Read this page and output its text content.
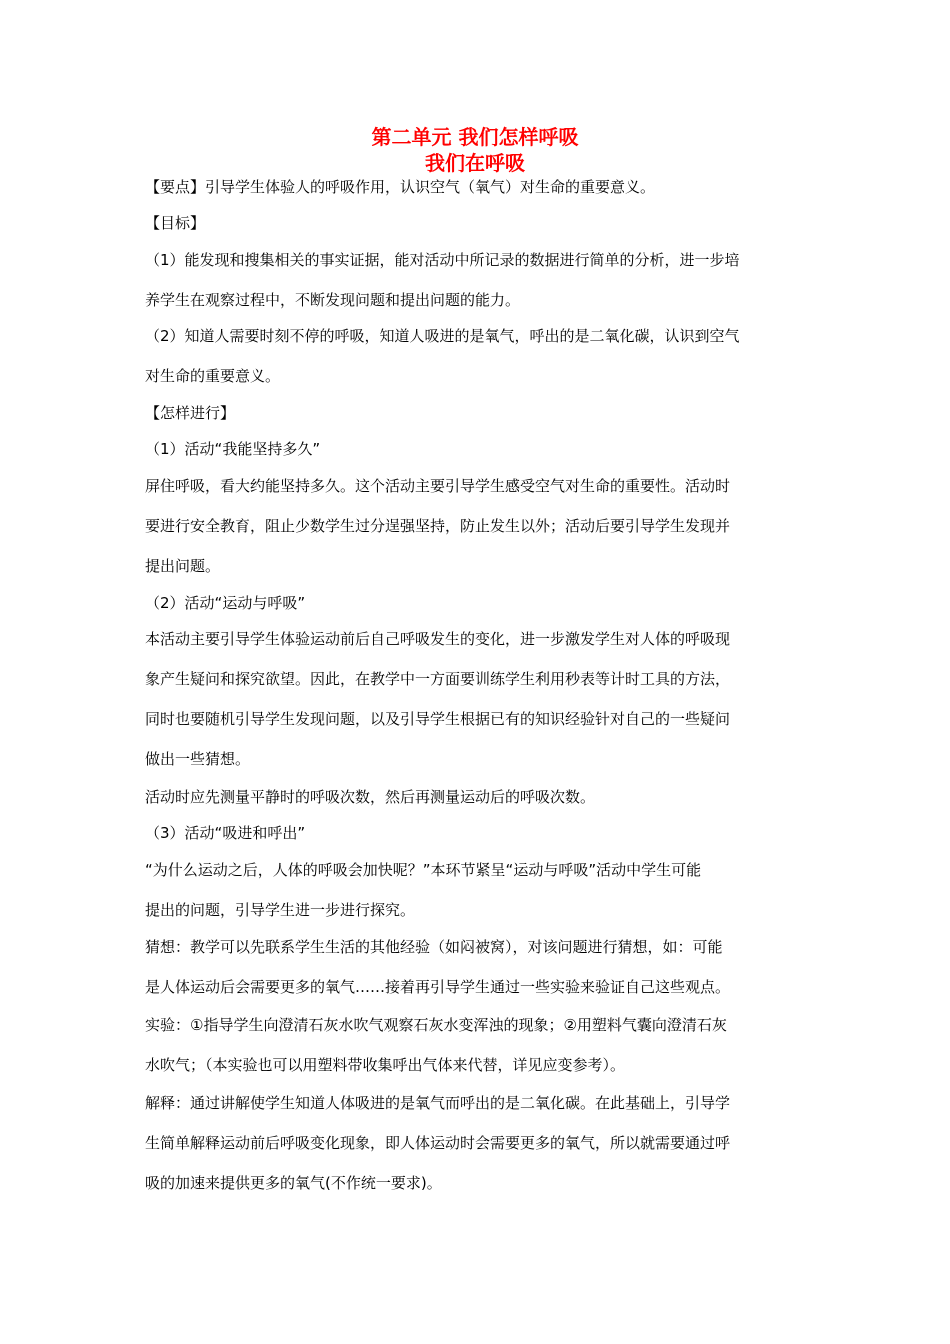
第二单元 我们怎样呼吸
我们在呼吸
【要点】引导学生体验人的呼吸作用，认识空气（氧气）对生命的重要意义。
【目标】
（1）能发现和搜集相关的事实证据，能对活动中所记录的数据进行简单的分析，进一步培
养学生在观察过程中，不断发现问题和提出问题的能力。
（2）知道人需要时刻不停的呼吸，知道人吸进的是氧气，呼出的是二氧化碳，认识到空气
对生命的重要意义。
【怎样进行】
（1）活动“我能坚持多久”
屏住呼吸，看大约能坚持多久。这个活动主要引导学生感受空气对生命的重要性。活动时
要进行安全教育，阻止少数学生过分逞强坚持，防止发生以外；活动后要引导学生发现并
提出问题。
（2）活动“运动与呼吸”
本活动主要引导学生体验运动前后自己呼吸发生的变化，进一步激发学生对人体的呼吸现
象产生疑问和探究欲望。因此，在教学中一方面要训练学生利用秒表等计时工具的方法，
同时也要随机引导学生发现问题，以及引导学生根据已有的知识经验针对自己的一些疑问
做出一些猜想。
活动时应先测量平静时的呼吸次数，然后再测量运动后的呼吸次数。
（3）活动“吸进和呼出”
“为什么运动之后，人体的呼吸会加快呢？”本环节紧呈“运动与呼吸”活动中学生可能
提出的问题，引导学生进一步进行探究。
猜想：教学可以先联系学生生活的其他经验（如闷被窝），对该问题进行猜想，如：可能
是人体运动后会需要更多的氧气……接着再引导学生通过一些实验来验证自己这些观点。
实验：①指导学生向澄清石灰水吹气观察石灰水变浑浊的现象；②用塑料气囊向澄清石灰
水吹气；（本实验也可以用塑料带收集呼出气体来代替，详见应变参考）。
解释：通过讲解使学生知道人体吸进的是氧气而呼出的是二氧化碳。在此基础上，引导学
生简单解释运动前后呼吸变化现象，即人体运动时会需要更多的氧气，所以就需要通过呼
吸的加速来提供更多的氧气(不作统一要求)。
